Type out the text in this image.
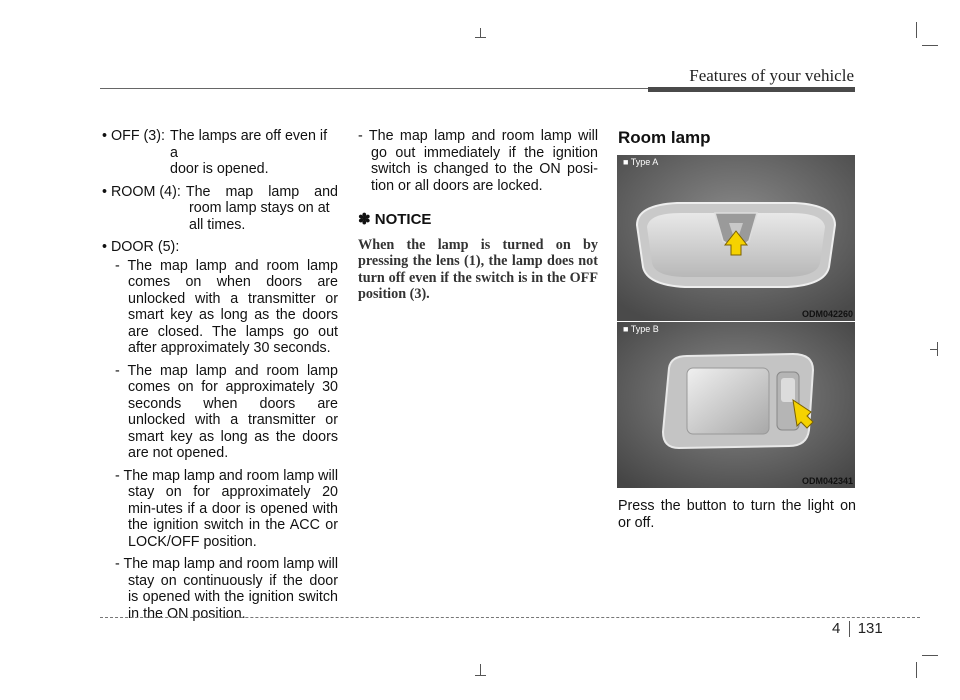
Features of your vehicle
• OFF (3): The lamps are off even if a
door is opened.
• ROOM (4): The map lamp and
room lamp stays on at
all times.
• DOOR (5):

- The map lamp and room lamp comes on when doors are unlocked with a transmitter or smart key as long as the doors are closed. The lamps go out after approximately 30 seconds.

- The map lamp and room lamp comes on for approximately 30 seconds when doors are unlocked with a transmitter or smart key as long as the doors are not opened.

- The map lamp and room lamp will stay on for approximately 20 min-utes if a door is opened with the ignition switch in the ACC or LOCK/OFF position.

- The map lamp and room lamp will stay on continuously if the door is opened with the ignition switch in the ON position.

- The map lamp and room lamp will go out immediately if the ignition switch is changed to the ON posi-tion or all doors are locked.

✽ NOTICE
When the lamp is turned on by pressing the lens (1), the lamp does not turn off even if the switch is in the OFF position (3).
Room lamp
■ Type A
ODM042260
■ Type B
ODM042341
Press the button to turn the light on or off.
4 131
